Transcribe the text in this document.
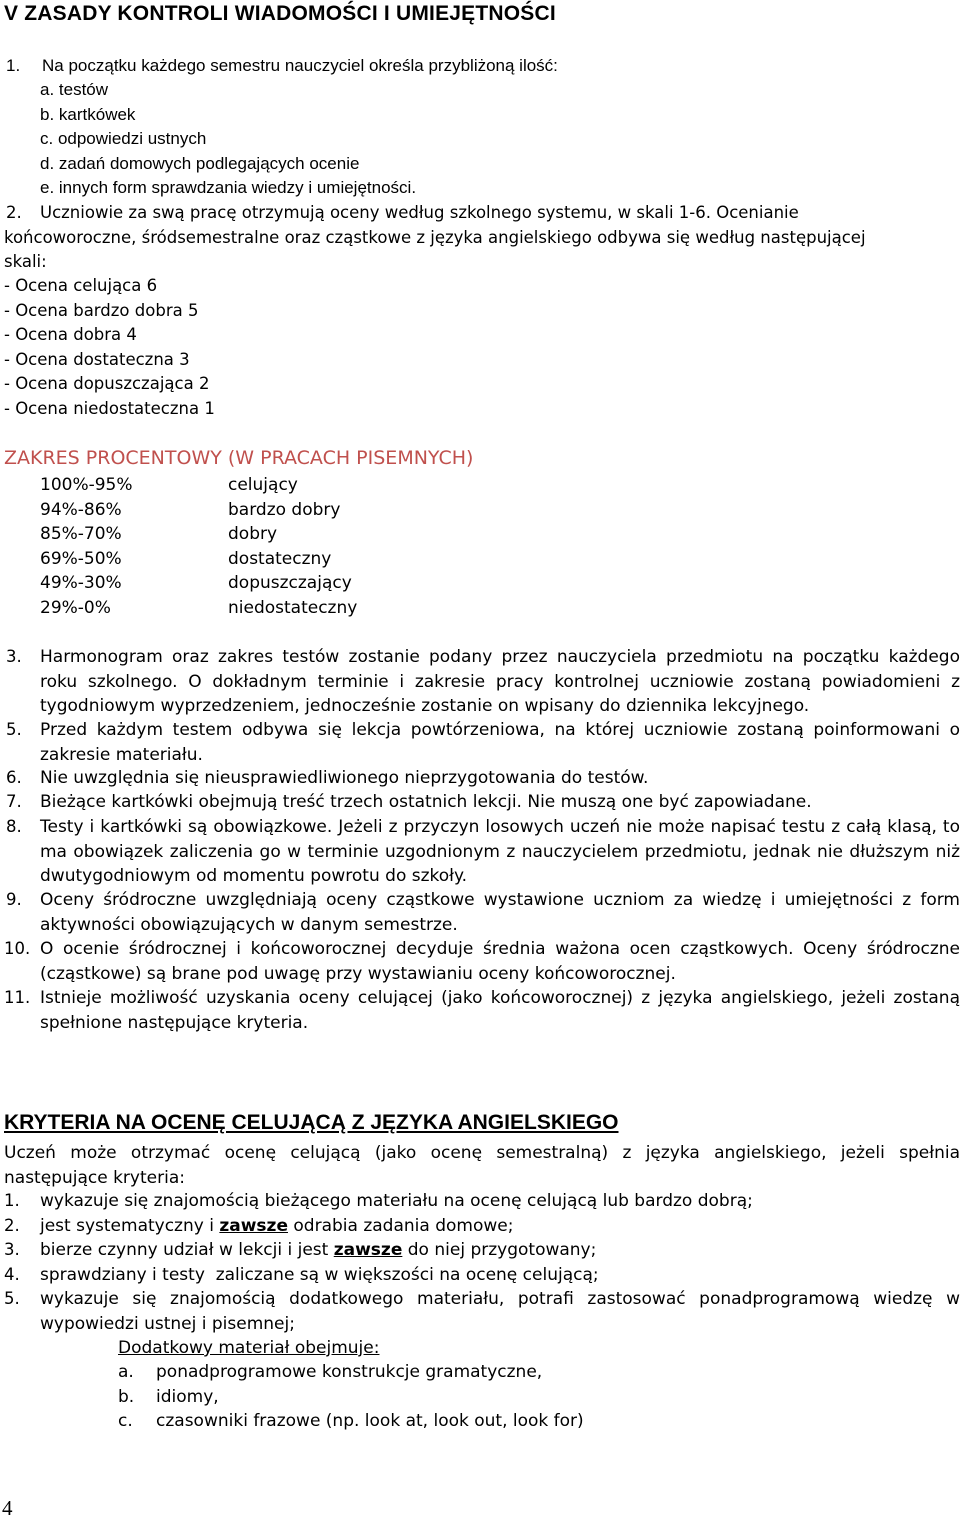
V ZASADY KONTROLI WIADOMOŚCI I UMIEJĘTNOŚCI
1. Na początku każdego semestru nauczyciel określa przybliżoną ilość:
a. testów
b. kartkówek
c. odpowiedzi ustnych
d. zadań domowych podlegających ocenie
e. innych form sprawdzania wiedzy i umiejętności.
2. Uczniowie za swą pracę otrzymują oceny według szkolnego systemu, w skali 1-6. Ocenianie
końcoworoczne, śródsemestralne oraz cząstkowe z języka angielskiego odbywa się według następującej
skali:
- Ocena celująca 6
- Ocena bardzo dobra 5
- Ocena dobra 4
- Ocena dostateczna 3
- Ocena dopuszczająca 2
- Ocena niedostateczna 1
ZAKRES PROCENTOWY (W PRACACH PISEMNYCH)
100%-95%	celujący
94%-86%	bardzo dobry
85%-70%	dobry
69%-50%	dostateczny
49%-30%	dopuszczający
29%-0%	niedostateczny
3. Harmonogram oraz zakres testów zostanie podany przez nauczyciela przedmiotu na początku każdego roku szkolnego. O dokładnym terminie i zakresie pracy kontrolnej uczniowie zostaną powiadomieni z tygodniowym wyprzedzeniem, jednocześnie zostanie on wpisany do dziennika lekcyjnego.
5. Przed każdym testem odbywa się lekcja powtórzeniowa, na której uczniowie zostaną poinformowani o zakresie materiału.
6. Nie uwzględnia się nieusprawiedliwionego nieprzygotowania do testów.
7. Bieżące kartkówki obejmują treść trzech ostatnich lekcji. Nie muszą one być zapowiadane.
8. Testy i kartkówki są obowiązkowe. Jeżeli z przyczyn losowych uczeń nie może napisać testu z całą klasą, to ma obowiązek zaliczenia go w terminie uzgodnionym z nauczycielem przedmiotu, jednak nie dłuższym niż dwutygodniowym od momentu powrotu do szkoły.
9. Oceny śródroczne uwzględniają oceny cząstkowe wystawione uczniom za wiedzę i umiejętności z form aktywności obowiązujących w danym semestrze.
10. O ocenie śródrocznej i końcoworocznej decyduje średnia ważona ocen cząstkowych. Oceny śródroczne (cząstkowe) są brane pod uwagę przy wystawianiu oceny końcoworocznej.
11. Istnieje możliwość uzyskania oceny celującej (jako końcoworocznej) z języka angielskiego, jeżeli zostaną spełnione następujące kryteria.
KRYTERIA NA OCENĘ CELUJĄCĄ Z JĘZYKA ANGIELSKIEGO
Uczeń może otrzymać ocenę celującą (jako ocenę semestralną) z języka angielskiego, jeżeli spełnia następujące kryteria:
1. wykazuje się znajomością bieżącego materiału na ocenę celującą lub bardzo dobrą;
2. jest systematyczny i zawsze odrabia zadania domowe;
3. bierze czynny udział w lekcji i jest zawsze do niej przygotowany;
4. sprawdziany i testy  zaliczane są w większości na ocenę celującą;
5. wykazuje się znajomością dodatkowego materiału, potrafi zastosować ponadprogramową wiedzę w wypowiedzi ustnej i pisemnej;
Dodatkowy materiał obejmuje:
a. ponadprogramowe konstrukcje gramatyczne,
b. idiomy,
c. czasowniki frazowe (np. look at, look out, look for)
4
